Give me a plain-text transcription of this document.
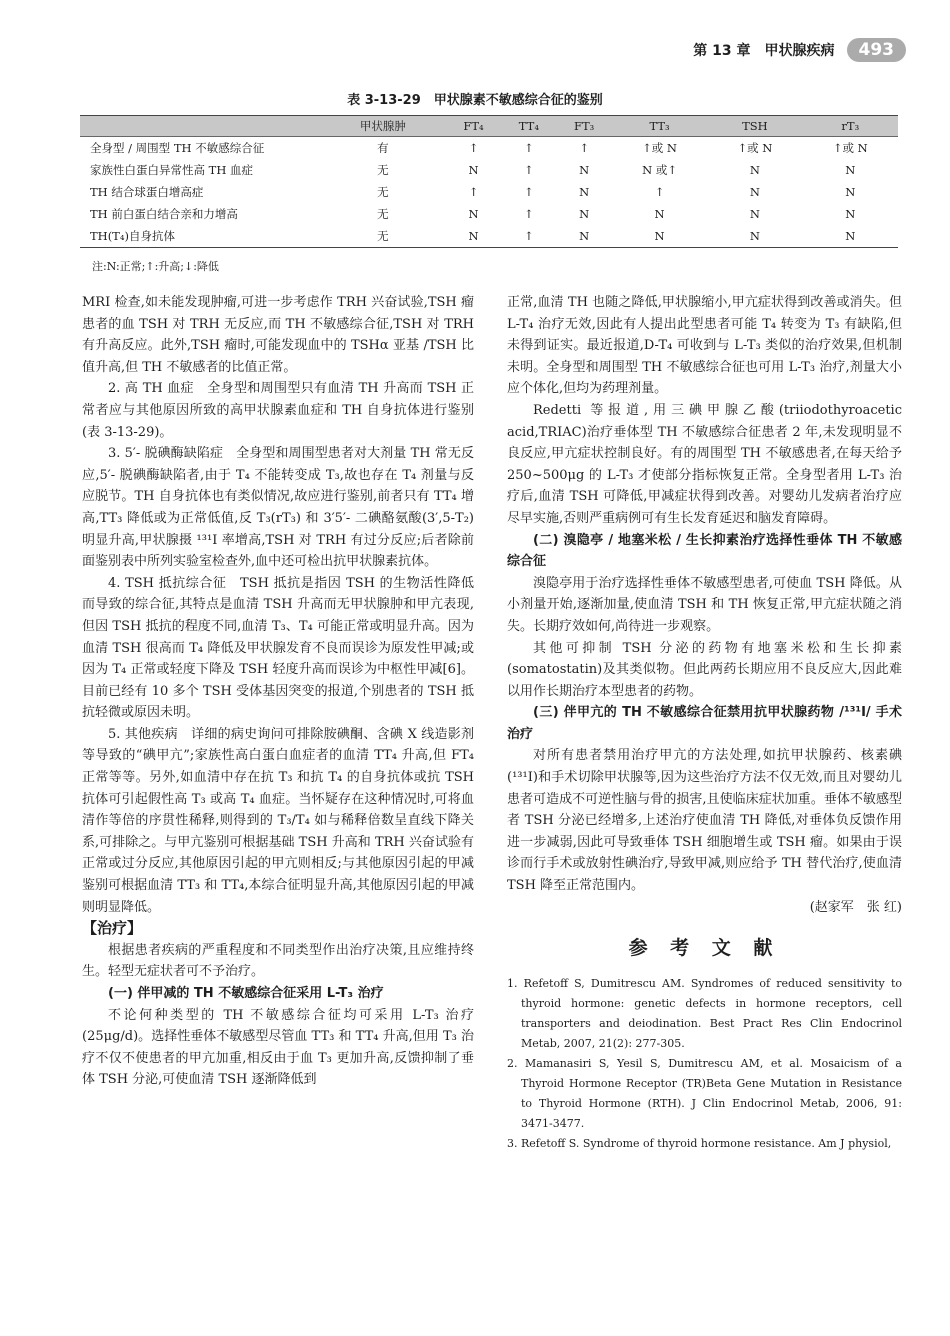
第 13 章　甲状腺疾病	493
表 3-13-29　甲状腺素不敏感综合征的鉴别
	甲状腺肿	FT₄	TT₄	FT₃	TT₃	TSH	rT₃
全身型 / 周围型 TH 不敏感综合征	有	↑	↑	↑	↑或 N	↑或 N	↑或 N
家族性白蛋白异常性高 TH 血症	无	N	↑	N	N 或↑	N	N
TH 结合球蛋白增高症	无	↑	↑	N	↑	N	N
TH 前白蛋白结合亲和力增高	无	N	↑	N	N	N	N
TH(T₄)自身抗体	无	N	↑	N	N	N	N
注:N:正常;↑:升高;↓:降低

MRI 检查,如未能发现肿瘤,可进一步考虑作 TRH 兴奋试验,TSH 瘤患者的血 TSH 对 TRH 无反应,而 TH 不敏感综合征,TSH 对 TRH 有升高反应。此外,TSH 瘤时,可能发现血中的 TSHα 亚基 /TSH 比值升高,但 TH 不敏感者的比值正常。

2. 高 TH 血症　全身型和周围型只有血清 TH 升高而 TSH 正常者应与其他原因所致的高甲状腺素血症和 TH 自身抗体进行鉴别(表 3-13-29)。

3. 5′- 脱碘酶缺陷症　全身型和周围型患者对大剂量 TH 常无反应,5′- 脱碘酶缺陷者,由于 T₄ 不能转变成 T₃,故也存在 T₄ 剂量与反应脱节。TH 自身抗体也有类似情况,故应进行鉴别,前者只有 TT₄ 增高,TT₃ 降低或为正常低值,反 T₃(rT₃) 和 3′5′- 二碘酪氨酸(3′,5-T₂)明显升高,甲状腺摄 ¹³¹I 率增高,TSH 对 TRH 有过分反应;后者除前面鉴别表中所列实验室检查外,血中还可检出抗甲状腺素抗体。

4. TSH 抵抗综合征　TSH 抵抗是指因 TSH 的生物活性降低而导致的综合征,其特点是血清 TSH 升高而无甲状腺肿和甲亢表现,但因 TSH 抵抗的程度不同,血清 T₃、T₄ 可能正常或明显升高。因为血清 TSH 很高而 T₄ 降低及甲状腺发育不良而误诊为原发性甲减;或因为 T₄ 正常或轻度下降及 TSH 轻度升高而误诊为中枢性甲减[6]。目前已经有 10 多个 TSH 受体基因突变的报道,个别患者的 TSH 抵抗轻微或原因未明。

5. 其他疾病　详细的病史询问可排除胺碘酮、含碘 X 线造影剂等导致的“碘甲亢”;家族性高白蛋白血症者的血清 TT₄ 升高,但 FT₄ 正常等等。另外,如血清中存在抗 T₃ 和抗 T₄ 的自身抗体或抗 TSH 抗体可引起假性高 T₃ 或高 T₄ 血症。当怀疑存在这种情况时,可将血清作等倍的序贯性稀释,则得到的 T₃/T₄ 如与稀释倍数呈直线下降关系,可排除之。与甲亢鉴别可根据基础 TSH 升高和 TRH 兴奋试验有正常或过分反应,其他原因引起的甲亢则相反;与其他原因引起的甲减鉴别可根据血清 TT₃ 和 TT₄,本综合征明显升高,其他原因引起的甲减则明显降低。

【治疗】

根据患者疾病的严重程度和不同类型作出治疗决策,且应维持终生。轻型无症状者可不予治疗。

(一) 伴甲减的 TH 不敏感综合征采用 L-T₃ 治疗

不论何种类型的 TH 不敏感综合征均可采用 L-T₃ 治疗(25μg/d)。选择性垂体不敏感型尽管血 TT₃ 和 TT₄ 升高,但用 T₃ 治疗不仅不使患者的甲亢加重,相反由于血 T₃ 更加升高,反馈抑制了垂体 TSH 分泌,可使血清 TSH 逐渐降低到

正常,血清 TH 也随之降低,甲状腺缩小,甲亢症状得到改善或消失。但 L-T₄ 治疗无效,因此有人提出此型患者可能 T₄ 转变为 T₃ 有缺陷,但未得到证实。最近报道,D-T₄ 可收到与 L-T₃ 类似的治疗效果,但机制未明。全身型和周围型 TH 不敏感综合征也可用 L-T₃ 治疗,剂量大小应个体化,但均为药理剂量。

Redetti 等报道,用三碘甲腺乙酸(triiodothyroacetic acid,TRIAC)治疗垂体型 TH 不敏感综合征患者 2 年,未发现明显不良反应,甲亢症状控制良好。有的周围型 TH 不敏感患者,在每天给予 250~500μg 的 L-T₃ 才使部分指标恢复正常。全身型者用 L-T₃ 治疗后,血清 TSH 可降低,甲减症状得到改善。对婴幼儿发病者治疗应尽早实施,否则严重病例可有生长发育延迟和脑发育障碍。

(二) 溴隐亭 / 地塞米松 / 生长抑素治疗选择性垂体 TH 不敏感综合征

溴隐亭用于治疗选择性垂体不敏感型患者,可使血 TSH 降低。从小剂量开始,逐渐加量,使血清 TSH 和 TH 恢复正常,甲亢症状随之消失。长期疗效如何,尚待进一步观察。

其他可抑制 TSH 分泌的药物有地塞米松和生长抑素(somatostatin)及其类似物。但此两药长期应用不良反应大,因此难以用作长期治疗本型患者的药物。

(三) 伴甲亢的 TH 不敏感综合征禁用抗甲状腺药物 /¹³¹I/ 手术治疗

对所有患者禁用治疗甲亢的方法处理,如抗甲状腺药、核素碘(¹³¹I)和手术切除甲状腺等,因为这些治疗方法不仅无效,而且对婴幼儿患者可造成不可逆性脑与骨的损害,且使临床症状加重。垂体不敏感型者 TSH 分泌已经增多,上述治疗使血清 TH 降低,对垂体负反馈作用进一步减弱,因此可导致垂体 TSH 细胞增生或 TSH 瘤。如果由于误诊而行手术或放射性碘治疗,导致甲减,则应给予 TH 替代治疗,使血清 TSH 降至正常范围内。

(赵家军　张 红)

参 考 文 献

1. Refetoff S, Dumitrescu AM. Syndromes of reduced sensitivity to thyroid hormone: genetic defects in hormone receptors, cell transporters and deiodination. Best Pract Res Clin Endocrinol Metab, 2007, 21(2): 277-305.

2. Mamanasiri S, Yesil S, Dumitrescu AM, et al. Mosaicism of a Thyroid Hormone Receptor (TR)Beta Gene Mutation in Resistance to Thyroid Hormone (RTH). J Clin Endocrinol Metab, 2006, 91: 3471-3477.

3. Refetoff S. Syndrome of thyroid hormone resistance. Am J physiol,
